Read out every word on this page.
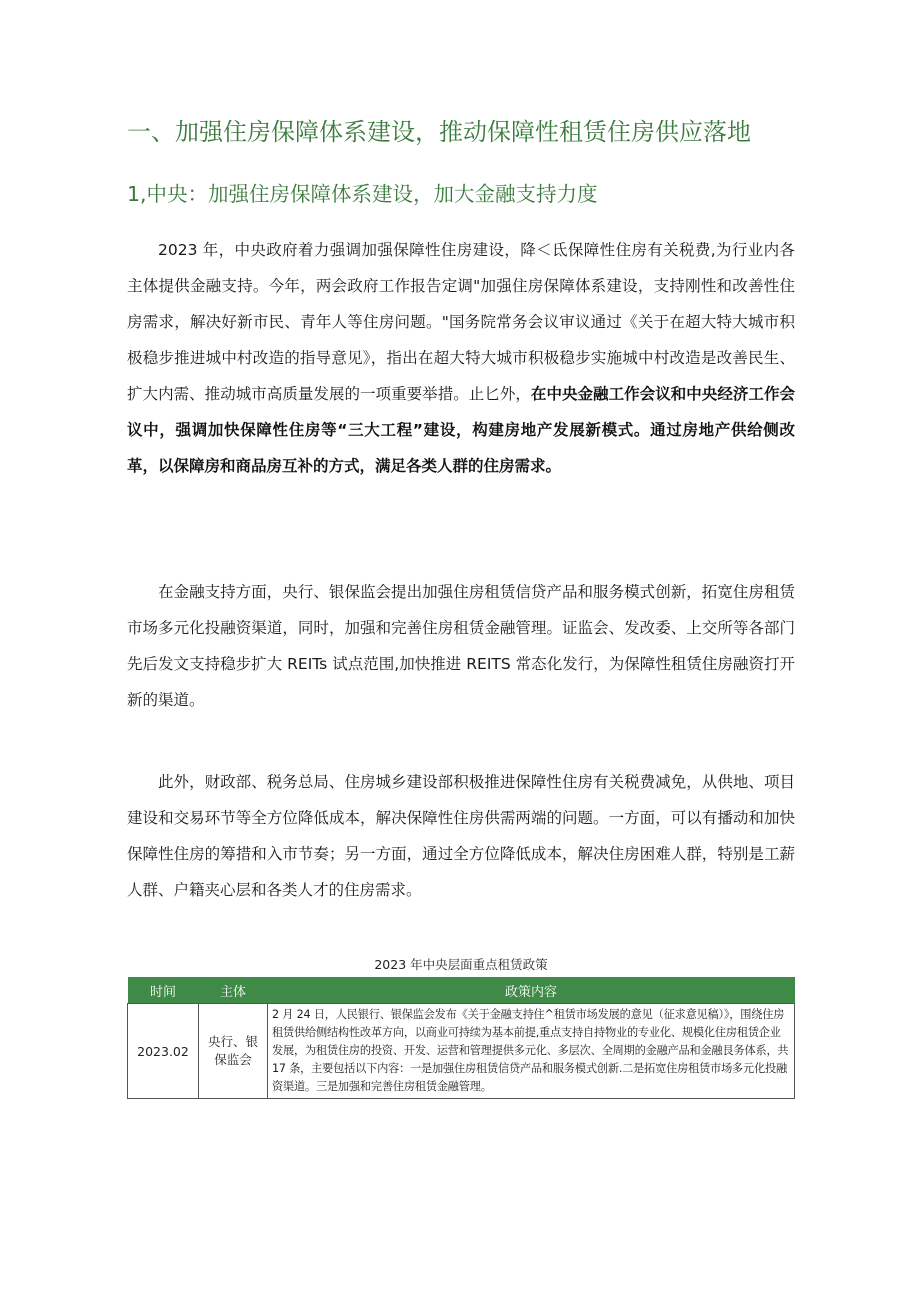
一、加强住房保障体系建设，推动保障性租赁住房供应落地
1,中央：加强住房保障体系建设，加大金融支持力度

2023 年，中央政府着力强调加强保障性住房建设，降＜氐保障性住房有关税费,为行业内各主体提供金融支持。今年，两会政府工作报告定调"加强住房保障体系建设，支持刚性和改善性住房需求，解决好新市民、青年人等住房问题。"国务院常务会议审议通过《关于在超大特大城市积极稳步推进城中村改造的指导意见》，指出在超大特大城市积极稳步实施城中村改造是改善民生、扩大内需、推动城市高质量发展的一项重要举措。止匕外，在中央金融工作会议和中央经济工作会议中，强调加快保障性住房等“三大工程”建设，构建房地产发展新模式。通过房地产供给侧改革，以保障房和商品房互补的方式，满足各类人群的住房需求。

在金融支持方面，央行、银保监会提出加强住房租赁信贷产品和服务模式创新，拓宽住房租赁市场多元化投融资渠道，同时，加强和完善住房租赁金融管理。证监会、发改委、上交所等各部门先后发文支持稳步扩大 REITs 试点范围,加快推进 REITS 常态化发行，为保障性租赁住房融资打开新的渠道。

此外，财政部、税务总局、住房城乡建设部积极推进保障性住房有关税费减免，从供地、项目建设和交易环节等全方位降低成本，解决保障性住房供需两端的问题。一方面，可以有播动和加快保障性住房的筹措和入市节奏；另一方面，通过全方位降低成本，解决住房困难人群，特别是工薪人群、户籍夹心层和各类人才的住房需求。

2023 年中央层面重点租赁政策
时间	主体	政策内容
2023.02	央行、银保监会	2 月 24 日，人民银行、银保监会发布《关于金融支持住^租赁市场发展的意见（征求意见稿）》，围绕住房租赁供给侧结构性改革方向，以商业可持续为基本前提,重点支持自持物业的专业化、规模化住房租赁企业发展，为租赁住房的投资、开发、运营和管理提供多元化、多层次、全周期的金融产品和金融艮务体系，共 17 条，主要包括以下内容：一是加强住房租赁信贷产品和服务模式创新.二是拓宽住房租赁市场多元化投融资渠道。三是加强和完善住房租赁金融管理。
